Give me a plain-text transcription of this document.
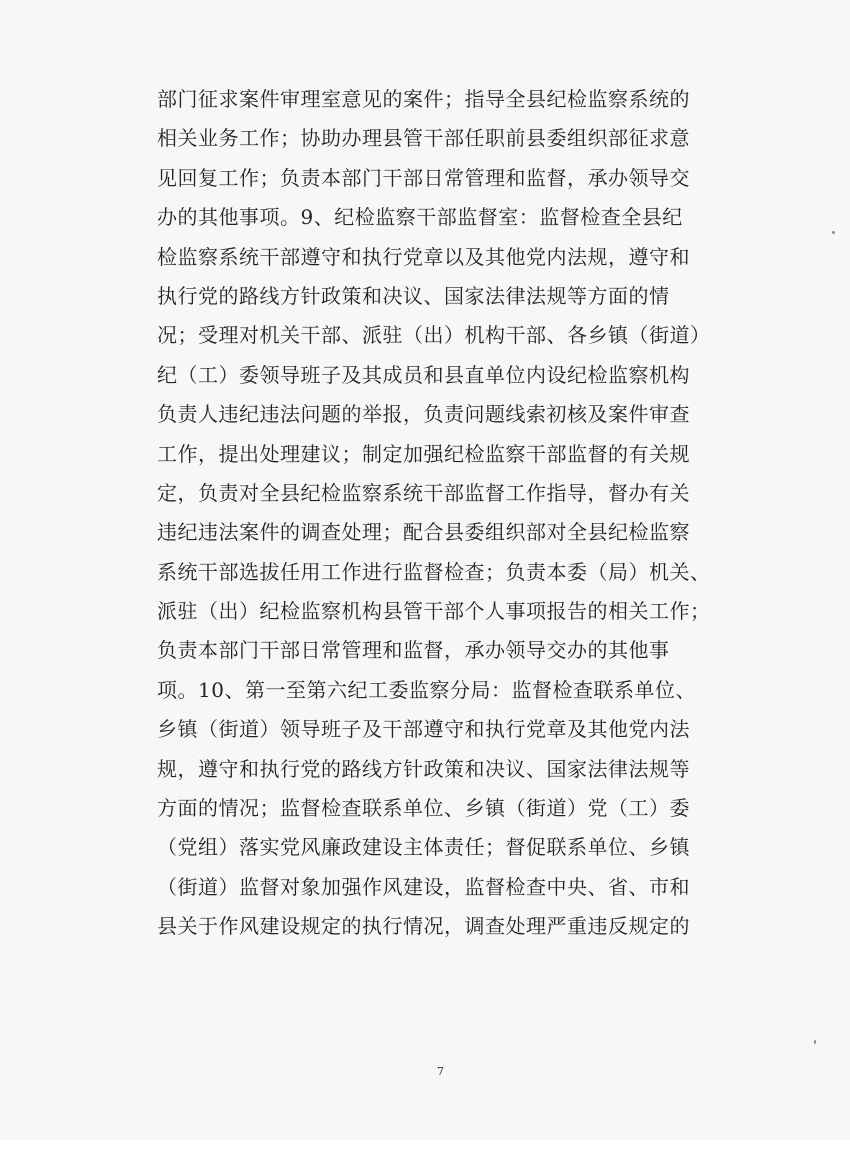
部门征求案件审理室意见的案件；指导全县纪检监察系统的
相关业务工作；协助办理县管干部任职前县委组织部征求意
见回复工作；负责本部门干部日常管理和监督，承办领导交
办的其他事项。9、纪检监察干部监督室：监督检查全县纪
检监察系统干部遵守和执行党章以及其他党内法规，遵守和
执行党的路线方针政策和决议、国家法律法规等方面的情
况；受理对机关干部、派驻（出）机构干部、各乡镇（街道）
纪（工）委领导班子及其成员和县直单位内设纪检监察机构
负责人违纪违法问题的举报，负责问题线索初核及案件审查
工作，提出处理建议；制定加强纪检监察干部监督的有关规
定，负责对全县纪检监察系统干部监督工作指导，督办有关
违纪违法案件的调查处理；配合县委组织部对全县纪检监察
系统干部选拔任用工作进行监督检查；负责本委（局）机关、
派驻（出）纪检监察机构县管干部个人事项报告的相关工作；
负责本部门干部日常管理和监督，承办领导交办的其他事
项。10、第一至第六纪工委监察分局：监督检查联系单位、
乡镇（街道）领导班子及干部遵守和执行党章及其他党内法
规，遵守和执行党的路线方针政策和决议、国家法律法规等
方面的情况；监督检查联系单位、乡镇（街道）党（工）委
（党组）落实党风廉政建设主体责任；督促联系单位、乡镇
（街道）监督对象加强作风建设，监督检查中央、省、市和
县关于作风建设规定的执行情况，调查处理严重违反规定的
7
